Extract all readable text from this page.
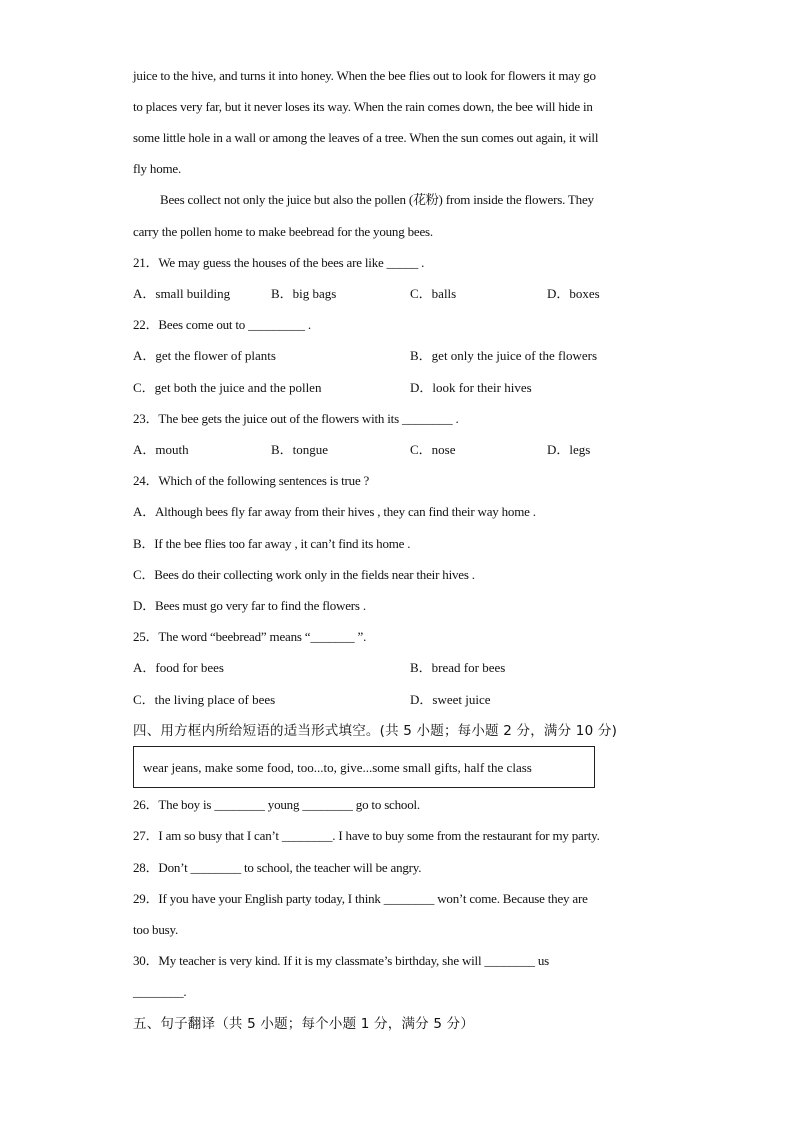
juice to the hive, and turns it into honey. When the bee flies out to look for flowers it may go
to places very far, but it never loses its way. When the rain comes down, the bee will hide in
some little hole in a wall or among the leaves of a tree. When the sun comes out again, it will
fly home.
Bees collect not only the juice but also the pollen (花粉) from inside the flowers. They
carry the pollen home to make beebread for the young bees.
21．We may guess the houses of the bees are like _____ .
A．small building	B．big bags	C．balls	D．boxes
22．Bees come out to _________ .
A．get the flower of plants	B．get only the juice of the flowers
C．get both the juice and the pollen	D．look for their hives
23．The bee gets the juice out of the flowers with its ________ .
A．mouth	B．tongue	C．nose	D．legs
24．Which of the following sentences is true ?
A．Although bees fly far away from their hives , they can find their way home .
B．If the bee flies too far away , it can’t find its home .
C．Bees do their collecting work only in the fields near their hives .
D．Bees must go very far to find the flowers .
25．The word “beebread” means “_______ ”.
A．food for bees	B．bread for bees
C．the living place of bees	D．sweet juice
四、用方框内所给短语的适当形式填空。(共 5 小题；每小题 2 分，满分 10 分)
wear jeans, make some food, too...to, give...some small gifts, half the class
26．The boy is ________ young ________ go to school.
27．I am so busy that I can’t ________. I have to buy some from the restaurant for my party.
28．Don’t ________ to school, the teacher will be angry.
29．If you have your English party today, I think ________ won’t come. Because they are
too busy.
30．My teacher is very kind. If it is my classmate’s birthday, she will ________ us
________.
五、句子翻译（共 5 小题；每个小题 1 分，满分 5 分）
